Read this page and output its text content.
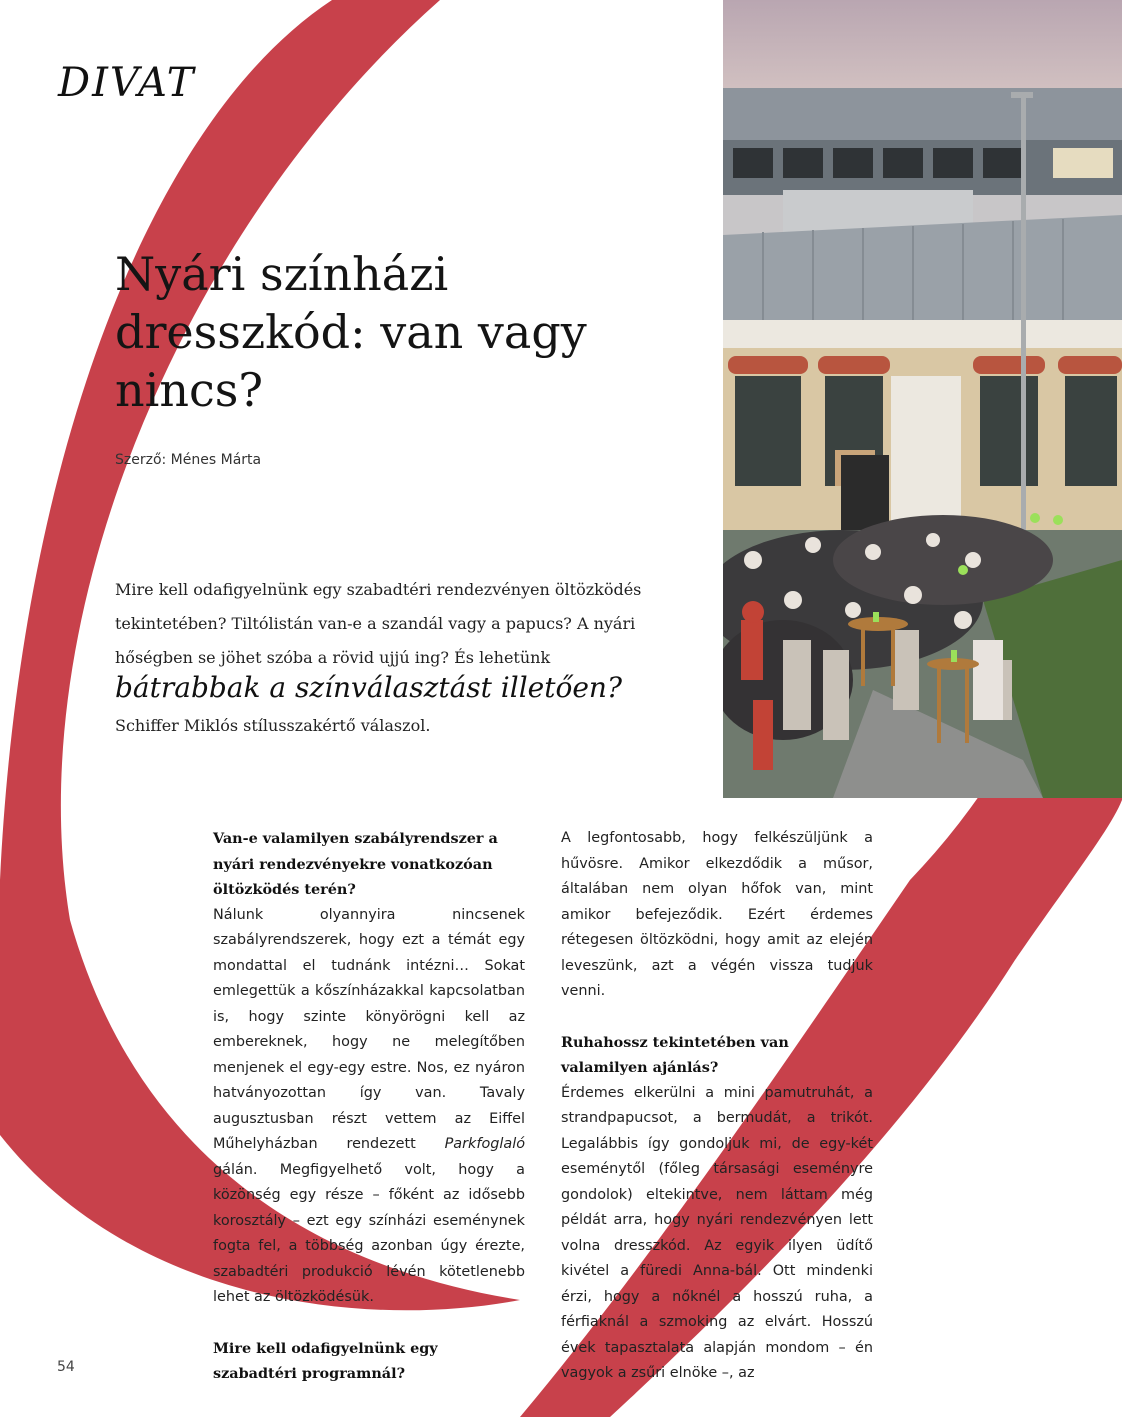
DIVAT
Nyári színházi dresszkód: van vagy nincs?
Szerző: Ménes Márta
Mire kell odafigyelnünk egy szabadtéri rendezvényen öltözködés tekintetében? Tiltólistán van-e a szandál vagy a papucs? A nyári hőségben se jöhet szóba a rövid ujjú ing? És lehetünk bátrabbak a színválasztást illetően? Schiffer Miklós stílusszakértő válaszol.
Van-e valamilyen szabályrendszer a nyári rendezvényekre vonatkozóan öltözködés terén?

Nálunk olyannyira nincsenek szabályrendszerek, hogy ezt a témát egy mondattal el tudnánk intézni… Sokat emlegettük a kőszínházakkal kapcsolatban is, hogy szinte könyörögni kell az embereknek, hogy ne melegítőben menjenek el egy-egy estre. Nos, ez nyáron hatványozottan így van. Tavaly augusztusban részt vettem az Eiffel Műhelyházban rendezett Parkfoglaló gálán. Megfigyelhető volt, hogy a közönség egy része – főként az idősebb korosztály – ezt egy színházi eseménynek fogta fel, a többség azonban úgy érezte, szabadtéri produkció lévén kötetlenebb lehet az öltözködésük.

Mire kell odafigyelnünk egy szabadtéri programnál?

A legfontosabb, hogy felkészüljünk a hűvösre. Amikor elkezdődik a műsor, általában nem olyan hőfok van, mint amikor befejeződik. Ezért érdemes rétegesen öltözködni, hogy amit az elején leveszünk, azt a végén vissza tudjuk venni.

Ruhahossz tekintetében van valamilyen ajánlás?

Érdemes elkerülni a mini pamutruhát, a strandpapucsot, a bermudát, a trikót. Legalábbis így gondoljuk mi, de egy-két eseménytől (főleg társasági eseményre gondolok) eltekintve, nem láttam még példát arra, hogy nyári rendezvényen lett volna dresszkód. Az egyik ilyen üdítő kivétel a füredi Anna-bál. Ott mindenki érzi, hogy a nőknél a hosszú ruha, a férfiaknál a szmoking az elvárt. Hosszú évek tapasztalata alapján mondom – én vagyok a zsűri elnöke –, az

54
